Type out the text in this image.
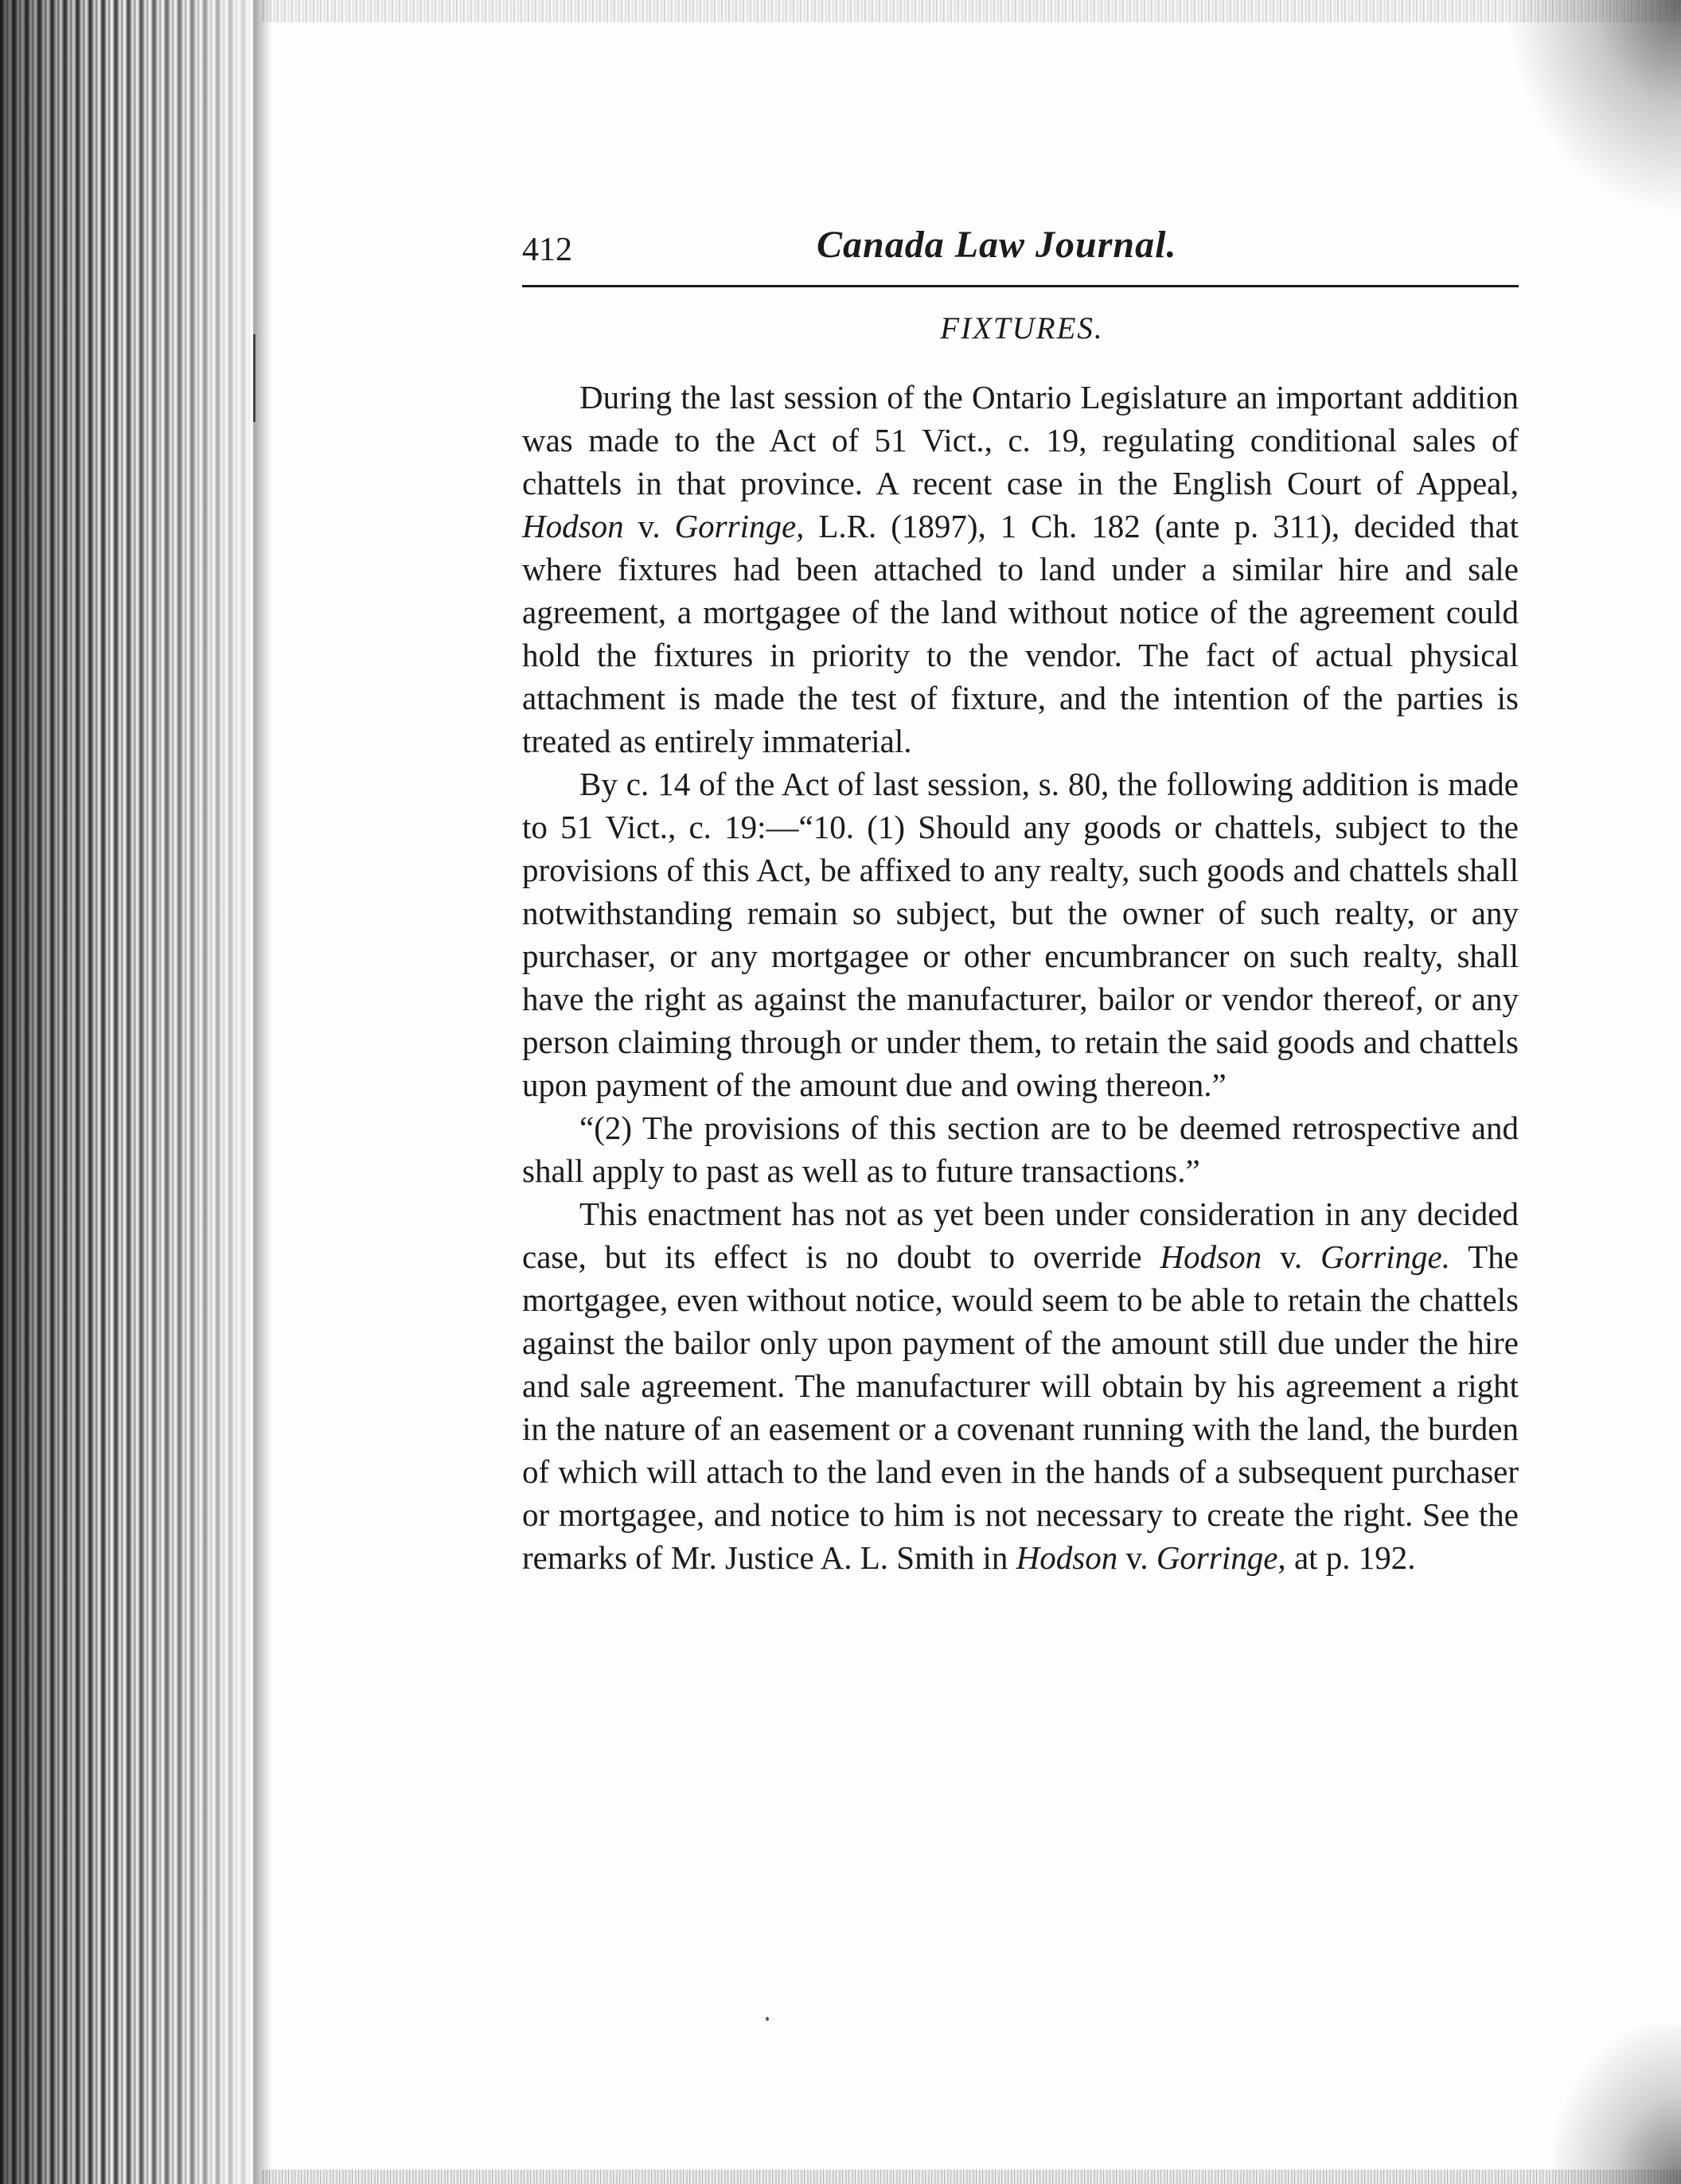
412	Canada Law Journal.
FIXTURES.

During the last session of the Ontario Legislature an important addition was made to the Act of 51 Vict., c. 19, regulating conditional sales of chattels in that province. A recent case in the English Court of Appeal, Hodson v. Gorringe, L.R. (1897), 1 Ch. 182 (ante p. 311), decided that where fixtures had been attached to land under a similar hire and sale agreement, a mortgagee of the land without notice of the agreement could hold the fixtures in priority to the vendor. The fact of actual physical attachment is made the test of fixture, and the intention of the parties is treated as entirely immaterial.

By c. 14 of the Act of last session, s. 80, the following addition is made to 51 Vict., c. 19:—“10. (1) Should any goods or chattels, subject to the provisions of this Act, be affixed to any realty, such goods and chattels shall notwithstanding remain so subject, but the owner of such realty, or any purchaser, or any mortgagee or other encumbrancer on such realty, shall have the right as against the manufacturer, bailor or vendor thereof, or any person claiming through or under them, to retain the said goods and chattels upon payment of the amount due and owing thereon.”

“(2) The provisions of this section are to be deemed retrospective and shall apply to past as well as to future transactions.”

This enactment has not as yet been under consideration in any decided case, but its effect is no doubt to override Hodson v. Gorringe. The mortgagee, even without notice, would seem to be able to retain the chattels against the bailor only upon payment of the amount still due under the hire and sale agreement. The manufacturer will obtain by his agreement a right in the nature of an easement or a covenant running with the land, the burden of which will attach to the land even in the hands of a subsequent purchaser or mortgagee, and notice to him is not necessary to create the right. See the remarks of Mr. Justice A. L. Smith in Hodson v. Gorringe, at p. 192.
